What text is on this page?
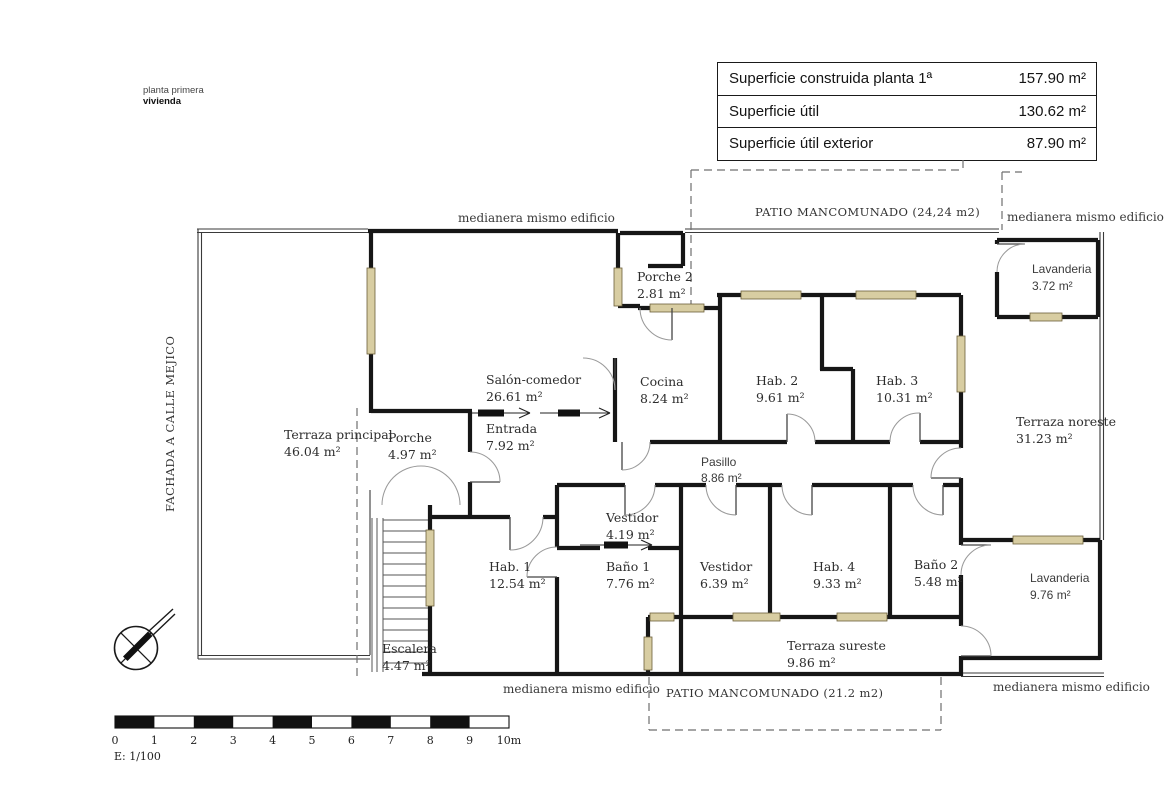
planta primera
vivienda
Superficie construida planta 1ª	157.90 m²
Superficie útil	130.62 m²
Superficie útil exterior	87.90 m²
0	1	2	3	4	5	6	7	8	9 10m
E: 1/100
medianera mismo edificio	PATIO MANCOMUNADO (24,24 m2) medianera mismo edificio
medianera mismo edificio PATIO MANCOMUNADO (21.2 m2)	medianera mismo edificio
FACHADA A CALLE MEJICO	Salón-comedor
26.61 m²
Cocina
8.24 m²
Hab. 2
9.61 m²
Hab. 3
10.31 m²
Porche 2
2.81 m²
Lavanderia
3.72 m²
Terraza noreste
31.23 m²
Terraza principal
46.04 m²
Porche
4.97 m²
Entrada
7.92 m²
Pasillo
8.86 m²
Vestidor
4.19 m²
Hab. 1
12.54 m²
Baño 1
7.76 m²
Vestidor
6.39 m²
Hab. 4
9.33 m²
Baño 2
5.48 m²	Lavanderia
9.76 m²
Escalera
4.47 m²
Terraza sureste
9.86 m²
